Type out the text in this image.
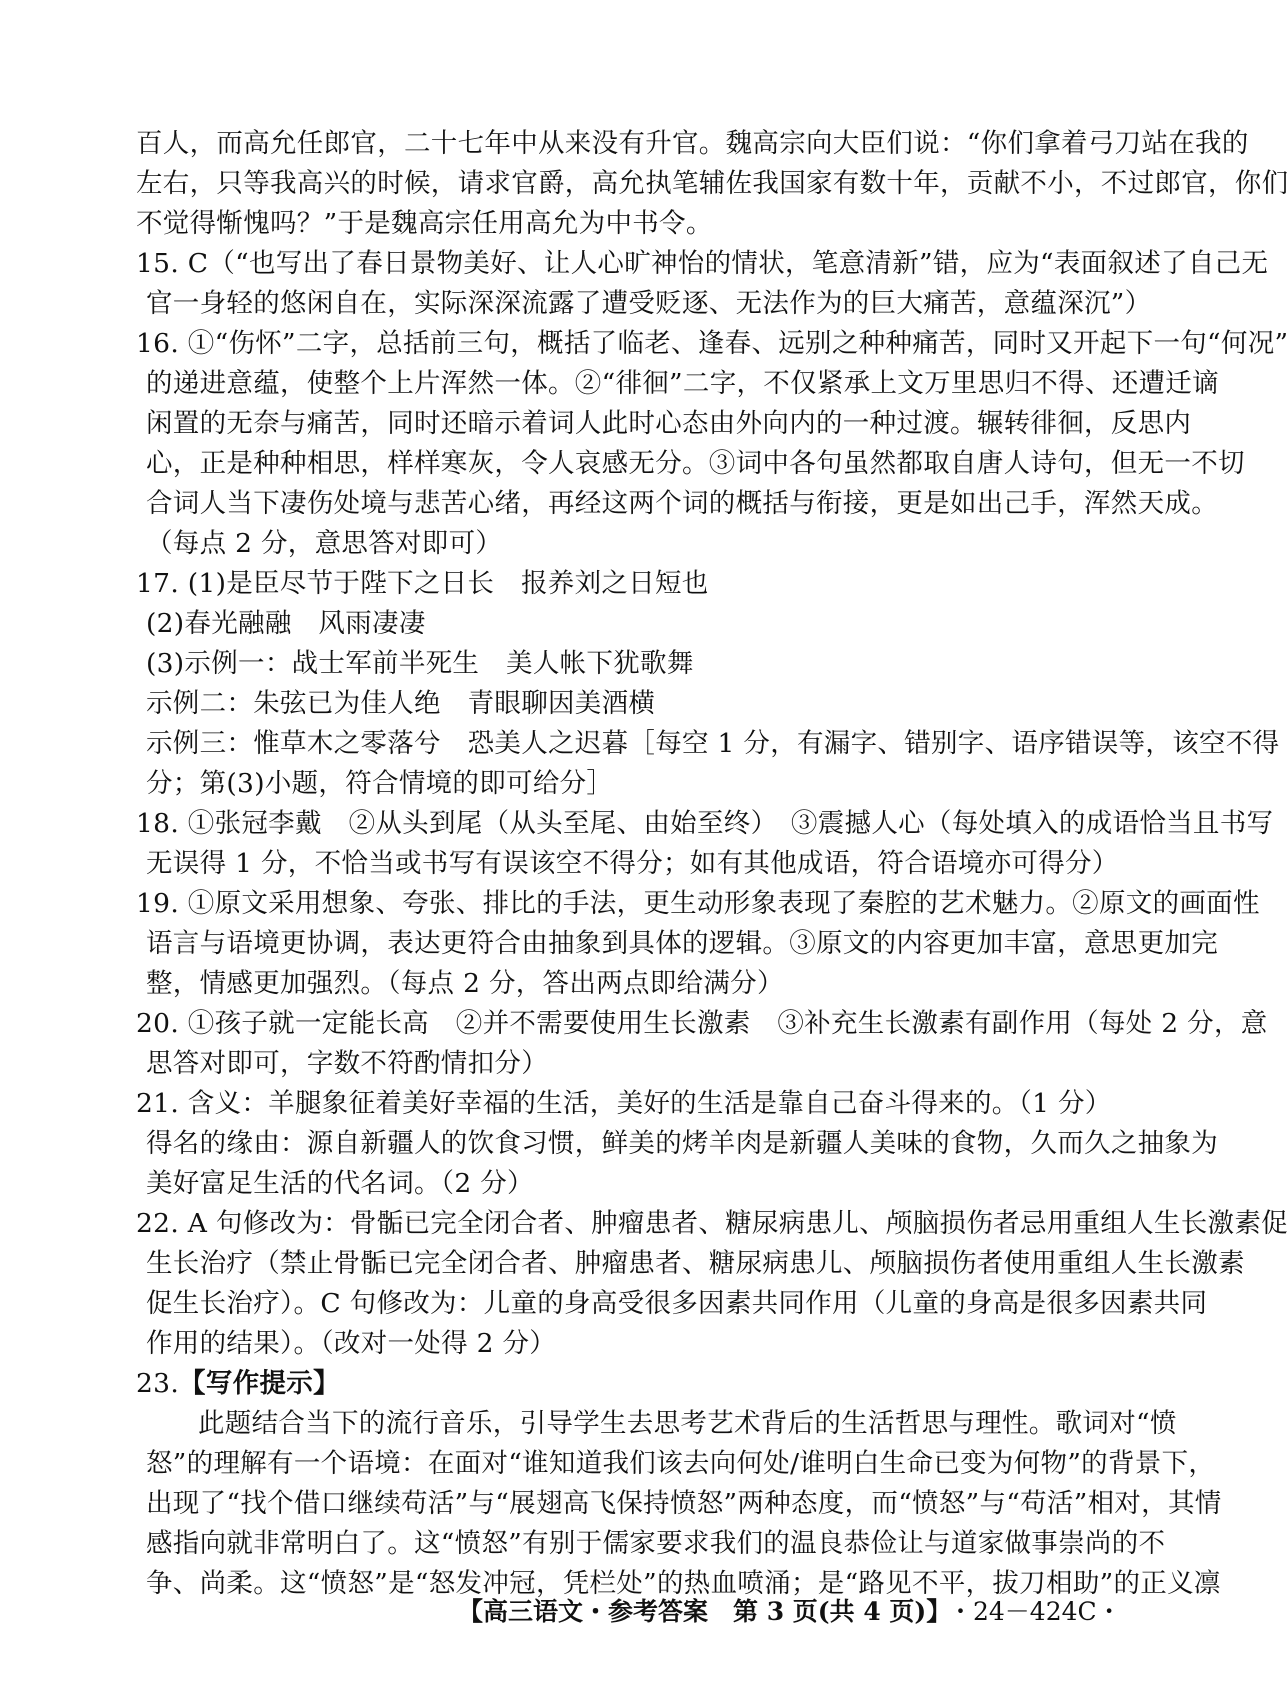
百人，而高允任郎官，二十七年中从来没有升官。魏高宗向大臣们说：“你们拿着弓刀站在我的
左右，只等我高兴的时候，请求官爵，高允执笔辅佐我国家有数十年，贡献不小，不过郎官，你们
不觉得惭愧吗？”于是魏高宗任用高允为中书令。
15. C（“也写出了春日景物美好、让人心旷神怡的情状，笔意清新”错，应为“表面叙述了自己无
官一身轻的悠闲自在，实际深深流露了遭受贬逐、无法作为的巨大痛苦，意蕴深沉”）
16. ①“伤怀”二字，总括前三句，概括了临老、逢春、远别之种种痛苦，同时又开起下一句“何况”
的递进意蕴，使整个上片浑然一体。②“徘徊”二字，不仅紧承上文万里思归不得、还遭迁谪
闲置的无奈与痛苦，同时还暗示着词人此时心态由外向内的一种过渡。辗转徘徊，反思内
心，正是种种相思，样样寒灰，令人哀感无分。③词中各句虽然都取自唐人诗句，但无一不切
合词人当下凄伤处境与悲苦心绪，再经这两个词的概括与衔接，更是如出己手，浑然天成。
（每点 2 分，意思答对即可）
17. (1)是臣尽节于陛下之日长　报养刘之日短也
(2)春光融融　风雨凄凄
(3)示例一：战士军前半死生　美人帐下犹歌舞
示例二：朱弦已为佳人绝　青眼聊因美酒横
示例三：惟草木之零落兮　恐美人之迟暮［每空 1 分，有漏字、错别字、语序错误等，该空不得
分；第(3)小题，符合情境的即可给分］
18. ①张冠李戴　②从头到尾（从头至尾、由始至终）　③震撼人心（每处填入的成语恰当且书写
无误得 1 分，不恰当或书写有误该空不得分；如有其他成语，符合语境亦可得分）
19. ①原文采用想象、夸张、排比的手法，更生动形象表现了秦腔的艺术魅力。②原文的画面性
语言与语境更协调，表达更符合由抽象到具体的逻辑。③原文的内容更加丰富，意思更加完
整，情感更加强烈。（每点 2 分，答出两点即给满分）
20. ①孩子就一定能长高　②并不需要使用生长激素　③补充生长激素有副作用（每处 2 分，意
思答对即可，字数不符酌情扣分）
21. 含义：羊腿象征着美好幸福的生活，美好的生活是靠自己奋斗得来的。（1 分）
得名的缘由：源自新疆人的饮食习惯，鲜美的烤羊肉是新疆人美味的食物，久而久之抽象为
美好富足生活的代名词。（2 分）
22. A 句修改为：骨骺已完全闭合者、肿瘤患者、糖尿病患儿、颅脑损伤者忌用重组人生长激素促
生长治疗（禁止骨骺已完全闭合者、肿瘤患者、糖尿病患儿、颅脑损伤者使用重组人生长激素
促生长治疗）。C 句修改为：儿童的身高受很多因素共同作用（儿童的身高是很多因素共同
作用的结果）。（改对一处得 2 分）
23.【写作提示】
此题结合当下的流行音乐，引导学生去思考艺术背后的生活哲思与理性。歌词对“愤
怒”的理解有一个语境：在面对“谁知道我们该去向何处/谁明白生命已变为何物”的背景下，
出现了“找个借口继续苟活”与“展翅高飞保持愤怒”两种态度，而“愤怒”与“苟活”相对，其情
感指向就非常明白了。这“愤怒”有别于儒家要求我们的温良恭俭让与道家做事崇尚的不
争、尚柔。这“愤怒”是“怒发冲冠，凭栏处”的热血喷涌；是“路见不平，拔刀相助”的正义凛
【高三语文・参考答案　第 3 页(共 4 页)】
・24－424C・
